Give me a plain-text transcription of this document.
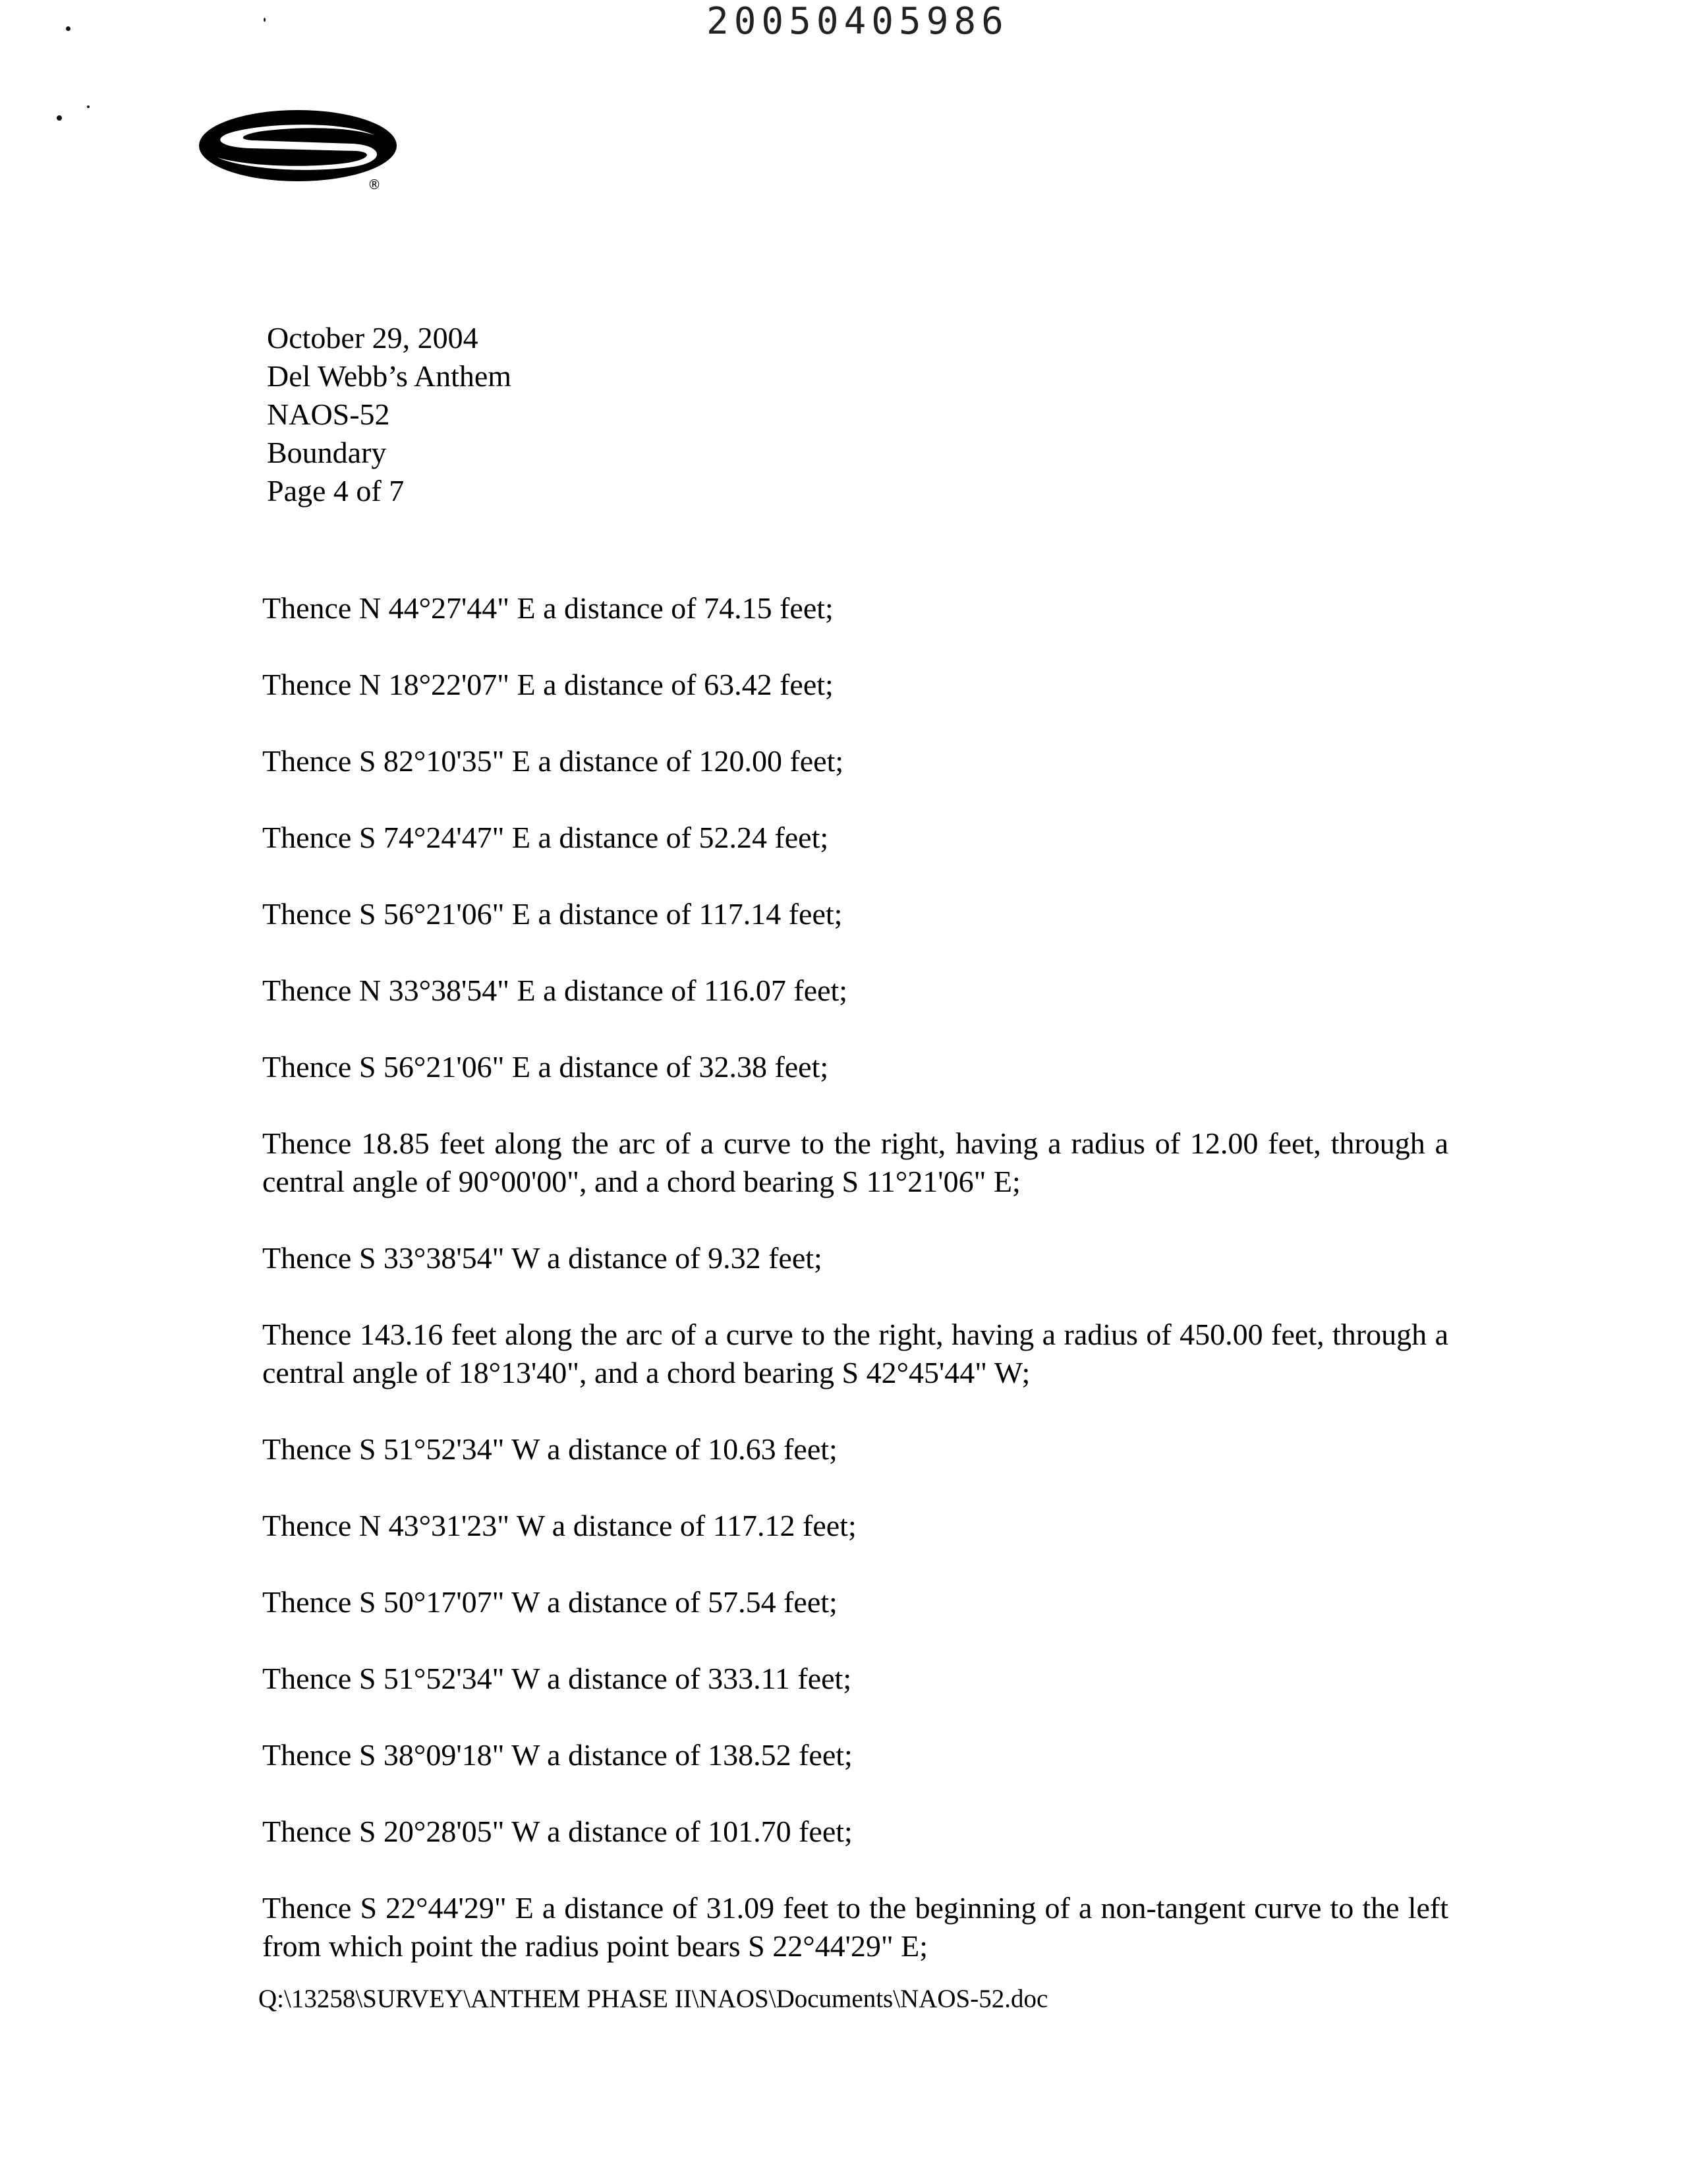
20050405986
®
October 29, 2004
Del Webb’s Anthem
NAOS-52
Boundary
Page 4 of 7

Thence N 44°27'44" E a distance of 74.15 feet;

Thence N 18°22'07" E a distance of 63.42 feet;

Thence S 82°10'35" E a distance of 120.00 feet;

Thence S 74°24'47" E a distance of 52.24 feet;

Thence S 56°21'06" E a distance of 117.14 feet;

Thence N 33°38'54" E a distance of 116.07 feet;

Thence S 56°21'06" E a distance of 32.38 feet;

Thence 18.85 feet along the arc of a curve to the right, having a radius of 12.00 feet, through a central angle of 90°00'00", and a chord bearing S 11°21'06" E;

Thence S 33°38'54" W a distance of 9.32 feet;

Thence 143.16 feet along the arc of a curve to the right, having a radius of 450.00 feet, through a central angle of 18°13'40", and a chord bearing S 42°45'44" W;

Thence S 51°52'34" W a distance of 10.63 feet;

Thence N 43°31'23" W a distance of 117.12 feet;

Thence S 50°17'07" W a distance of 57.54 feet;

Thence S 51°52'34" W a distance of 333.11 feet;

Thence S 38°09'18" W a distance of 138.52 feet;

Thence S 20°28'05" W a distance of 101.70 feet;

Thence S 22°44'29" E a distance of 31.09 feet to the beginning of a non-tangent curve to the left from which point the radius point bears S 22°44'29" E;

Q:\13258\SURVEY\ANTHEM PHASE II\NAOS\Documents\NAOS-52.doc
